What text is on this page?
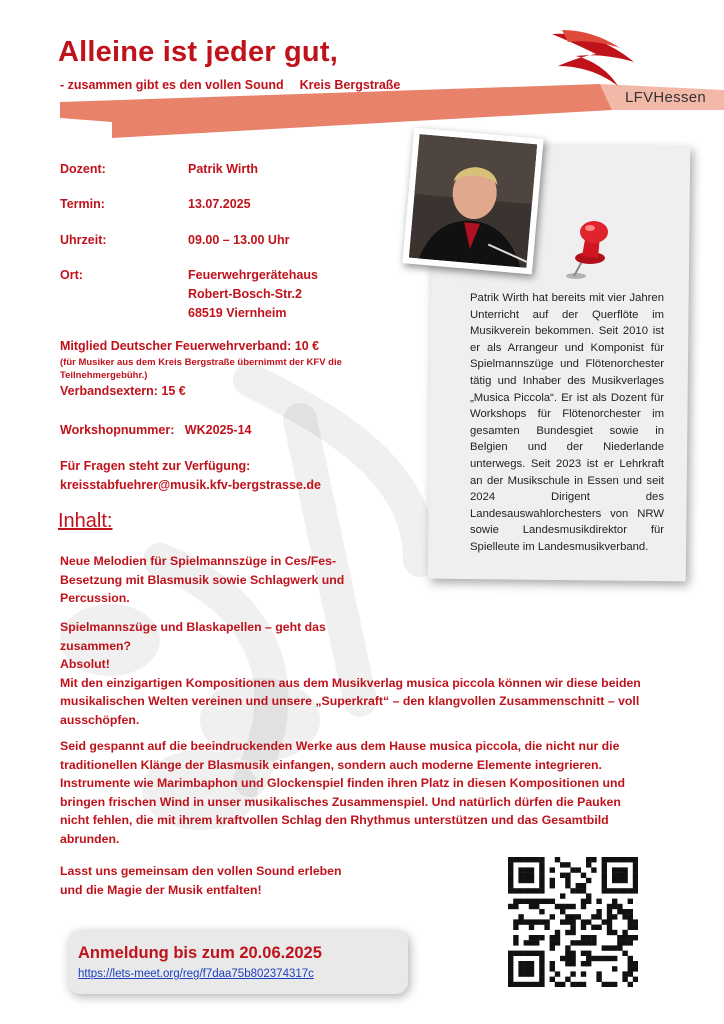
LFVHessen
Alleine ist jeder gut,
- zusammen gibt es den vollen Sound Kreis Bergstraße
Dozent:	Patrik Wirth
Termin:	13.07.2025
Uhrzeit:	09.00 – 13.00 Uhr
Ort:	Feuerwehrgerätehaus
Robert-Bosch-Str.2
68519 Viernheim
Mitglied Deutscher Feuerwehrverband: 10 €
(für Musiker aus dem Kreis Bergstraße übernimmt der KFV die
Teilnehmergebühr.)
Verbandsextern: 15 €
Workshopnummer: WK2025-14
Für Fragen steht zur Verfügung:
kreisstabfuehrer@musik.kfv-bergstrasse.de

Patrik Wirth hat bereits mit vier Jahren Unterricht auf der Querflöte im Musikverein bekommen. Seit 2010 ist er als Arrangeur und Komponist für Spielmannszüge und Flötenorchester tätig und Inhaber des Musikverlages „Musica Piccola“. Er ist als Dozent für Workshops für Flötenorchester im gesamten Bundesgiet sowie in Belgien und der Niederlande unterwegs. Seit 2023 ist er Lehrkraft an der Musikschule in Essen und seit 2024 Dirigent des Landesauswahlorchesters von NRW sowie Landesmusikdirektor für Spielleute im Landesmusikverband.

Inhalt:
Neue Melodien für Spielmannszüge in Ces/Fes-
Besetzung mit Blasmusik sowie Schlagwerk und
Percussion.
Spielmannszüge und Blaskapellen – geht das
zusammen?
Absolut!
Mit den einzigartigen Kompositionen aus dem Musikverlag musica piccola können wir diese beiden
musikalischen Welten vereinen und unsere „Superkraft“ – den klangvollen Zusammenschnitt – voll
ausschöpfen.
Seid gespannt auf die beeindruckenden Werke aus dem Hause musica piccola, die nicht nur die
traditionellen Klänge der Blasmusik einfangen, sondern auch moderne Elemente integrieren.
Instrumente wie Marimbaphon und Glockenspiel finden ihren Platz in diesen Kompositionen und
bringen frischen Wind in unser musikalisches Zusammenspiel. Und natürlich dürfen die Pauken
nicht fehlen, die mit ihrem kraftvollen Schlag den Rhythmus unterstützen und das Gesamtbild
abrunden.
Lasst uns gemeinsam den vollen Sound erleben
und die Magie der Musik entfalten!
Anmeldung bis zum 20.06.2025
https://lets-meet.org/reg/f7daa75b802374317c
